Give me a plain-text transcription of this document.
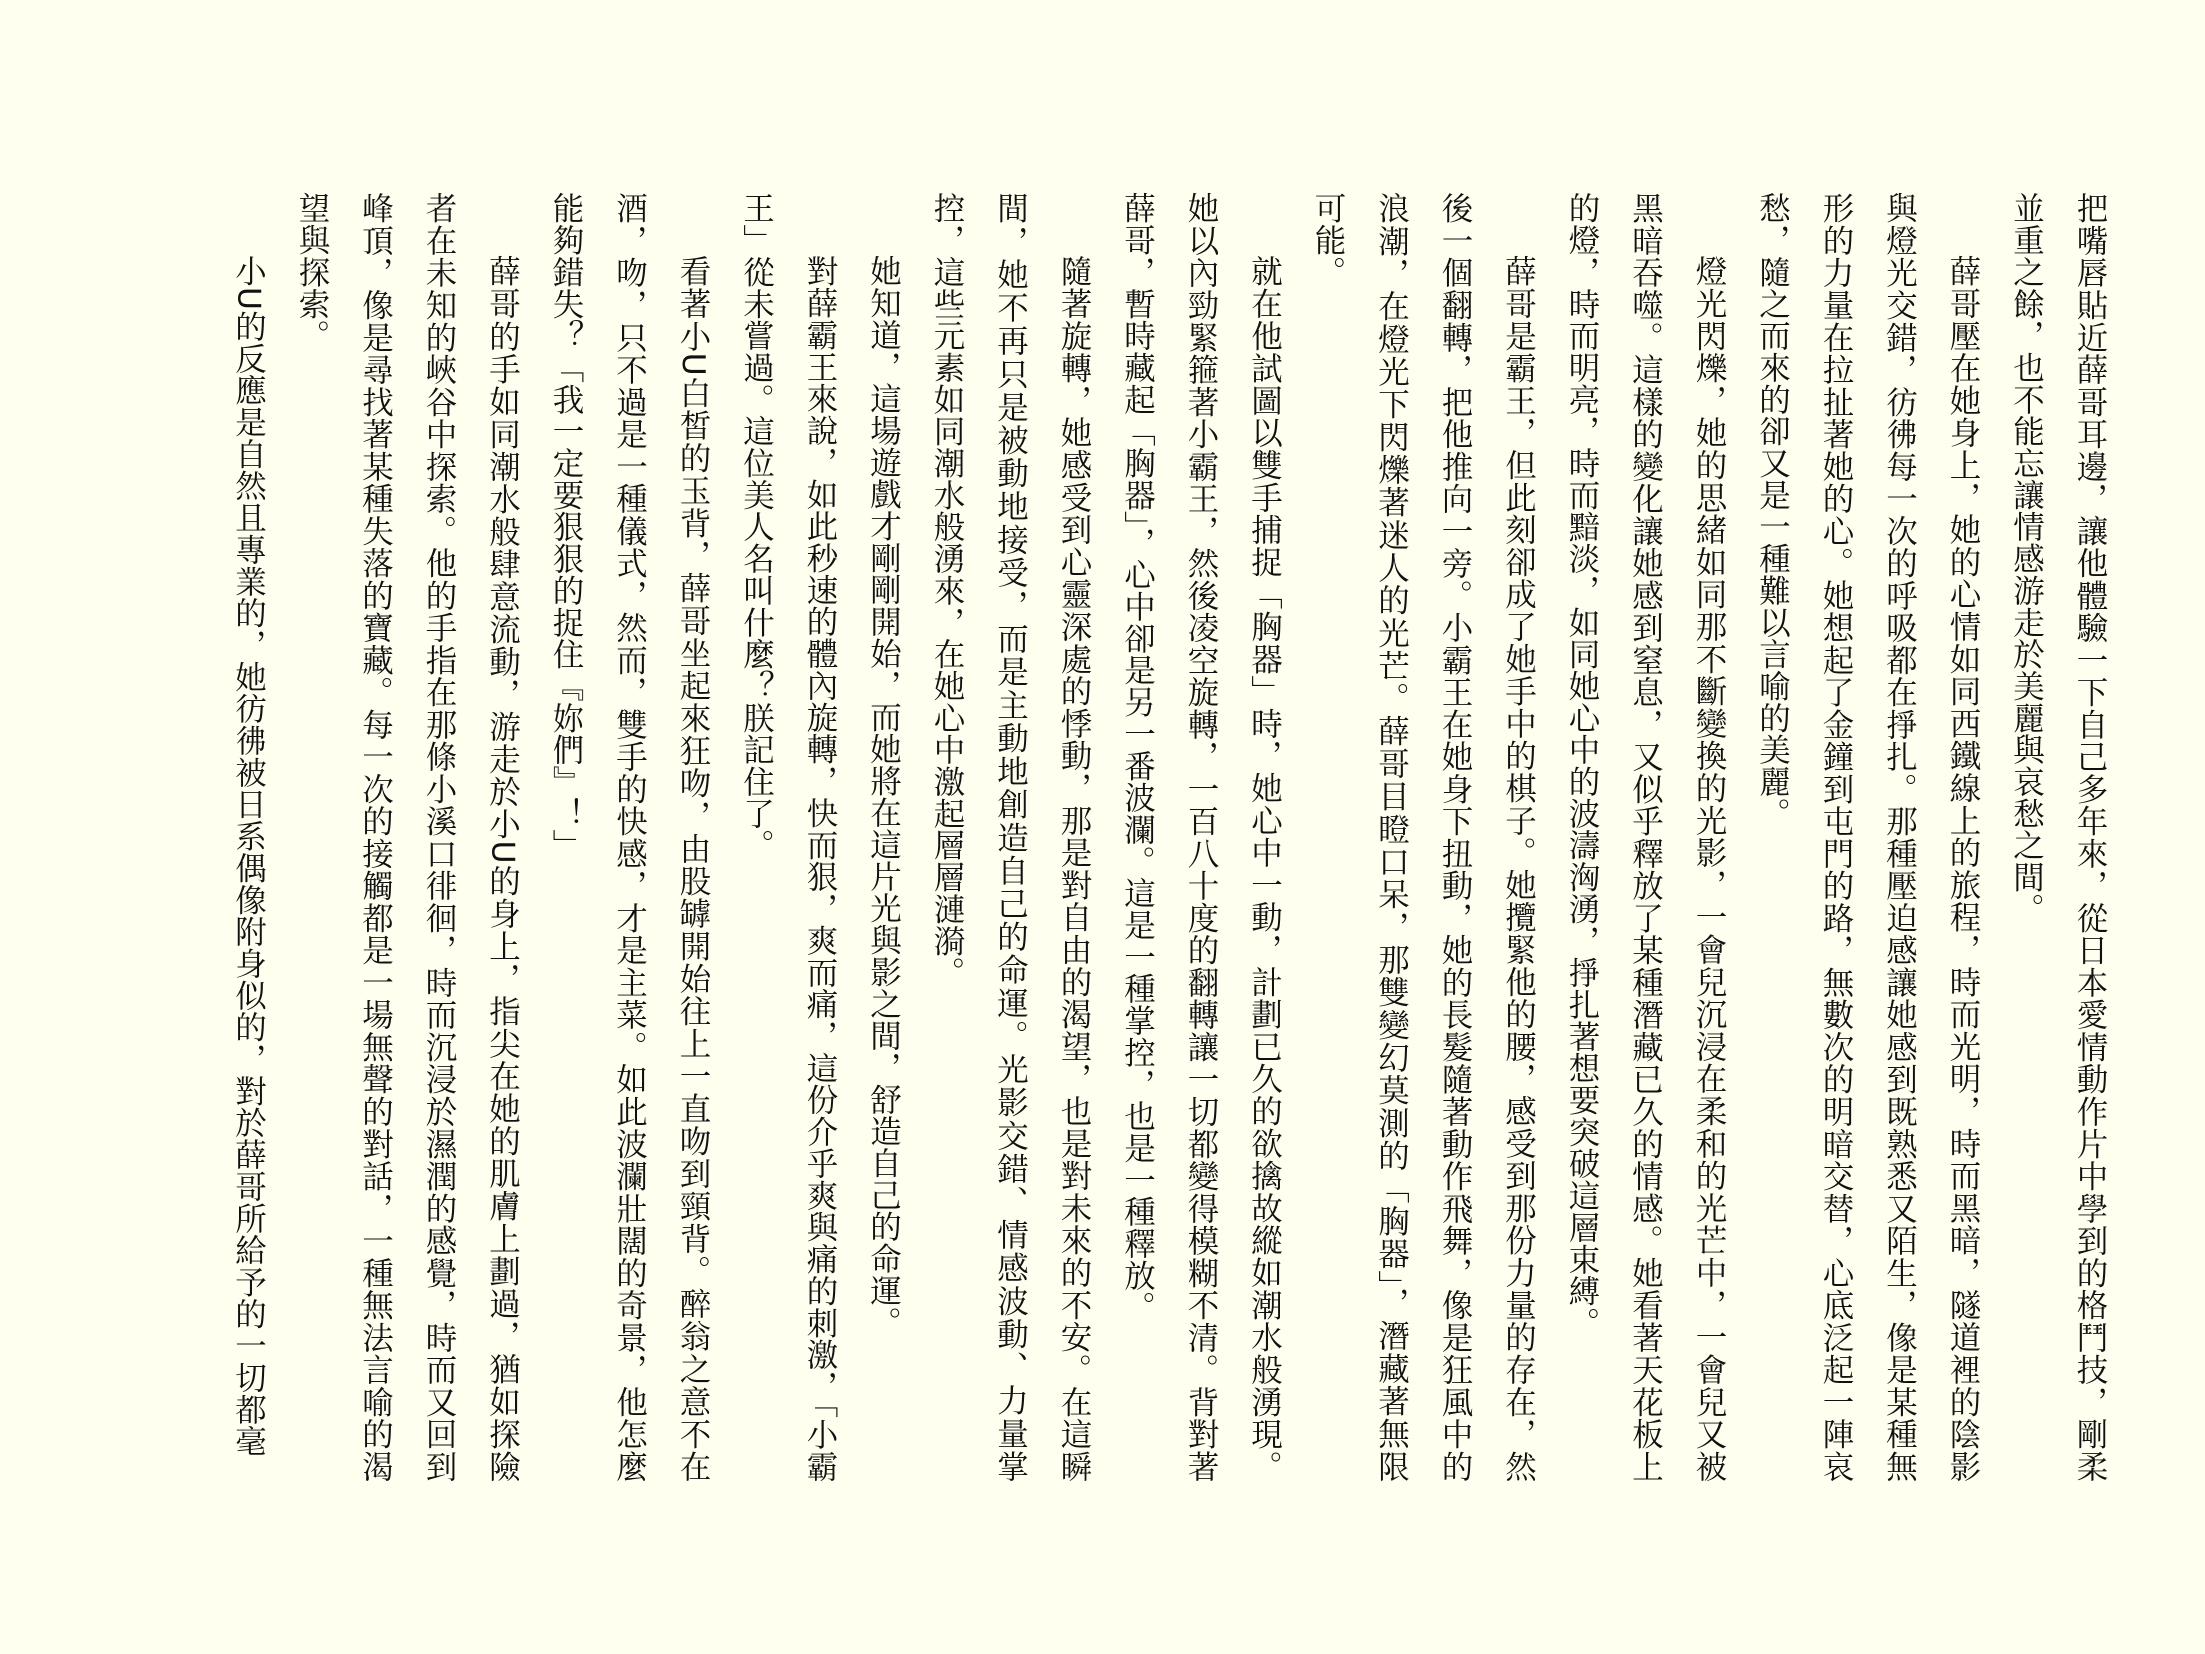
把嘴唇貼近薛哥耳邊，讓他體驗一下自己多年來，從日本愛情動作片中學到的格鬥技，剛柔並重之餘，也不能忘讓情感游走於美麗與哀愁之間。

薛哥壓在她身上，她的心情如同西鐵線上的旅程，時而光明，時而黑暗，隧道裡的陰影與燈光交錯，彷彿每一次的呼吸都在掙扎。那種壓迫感讓她感到既熟悉又陌生，像是某種無形的力量在拉扯著她的心。她想起了金鐘到屯門的路，無數次的明暗交替，心底泛起一陣哀愁，隨之而來的卻又是一種難以言喻的美麗。

燈光閃爍，她的思緒如同那不斷變換的光影，一會兒沉浸在柔和的光芒中，一會兒又被黑暗吞噬。這樣的變化讓她感到窒息，又似乎釋放了某種潛藏已久的情感。她看著天花板上的燈，時而明亮，時而黯淡，如同她心中的波濤洶湧，掙扎著想要突破這層束縛。

薛哥是霸王，但此刻卻成了她手中的棋子。她攬緊他的腰，感受到那份力量的存在，然後一個翻轉，把他推向一旁。小霸王在她身下扭動，她的長髮隨著動作飛舞，像是狂風中的浪潮，在燈光下閃爍著迷人的光芒。薛哥目瞪口呆，那雙變幻莫測的「胸器」，潛藏著無限可能。

就在他試圖以雙手捕捉「胸器」時，她心中一動，計劃已久的欲擒故縱如潮水般湧現。她以內勁緊箍著小霸王，然後凌空旋轉，一百八十度的翻轉讓一切都變得模糊不清。背對著薛哥，暫時藏起「胸器」，心中卻是另一番波瀾。這是一種掌控，也是一種釋放。

隨著旋轉，她感受到心靈深處的悸動，那是對自由的渴望，也是對未來的不安。在這瞬間，她不再只是被動地接受，而是主動地創造自己的命運。光影交錯、情感波動、力量掌控，這些元素如同潮水般湧來，在她心中激起層層漣漪。

她知道，這場遊戲才剛剛開始，而她將在這片光與影之間，舒造自己的命運。

對薛霸王來說，如此秒速的體內旋轉，快而狠，爽而痛，這份介乎爽與痛的刺激，「小霸王」從未嘗過。這位美人名叫什麼？朕記住了。

看著小U白皙的玉背，薛哥坐起來狂吻，由股罅開始往上一直吻到頸背。醉翁之意不在酒，吻，只不過是一種儀式，然而，雙手的快感，才是主菜。如此波瀾壯闊的奇景，他怎麼能夠錯失？「我一定要狠狠的捉住『妳們』！」

薛哥的手如同潮水般肆意流動，游走於小U的身上，指尖在她的肌膚上劃過，猶如探險者在未知的峽谷中探索。他的手指在那條小溪口徘徊，時而沉浸於濕潤的感覺，時而又回到峰頂，像是尋找著某種失落的寶藏。每一次的接觸都是一場無聲的對話，一種無法言喻的渴望與探索。

小U的反應是自然且專業的，她彷彿被日系偶像附身似的，對於薛哥所給予的一切都毫
